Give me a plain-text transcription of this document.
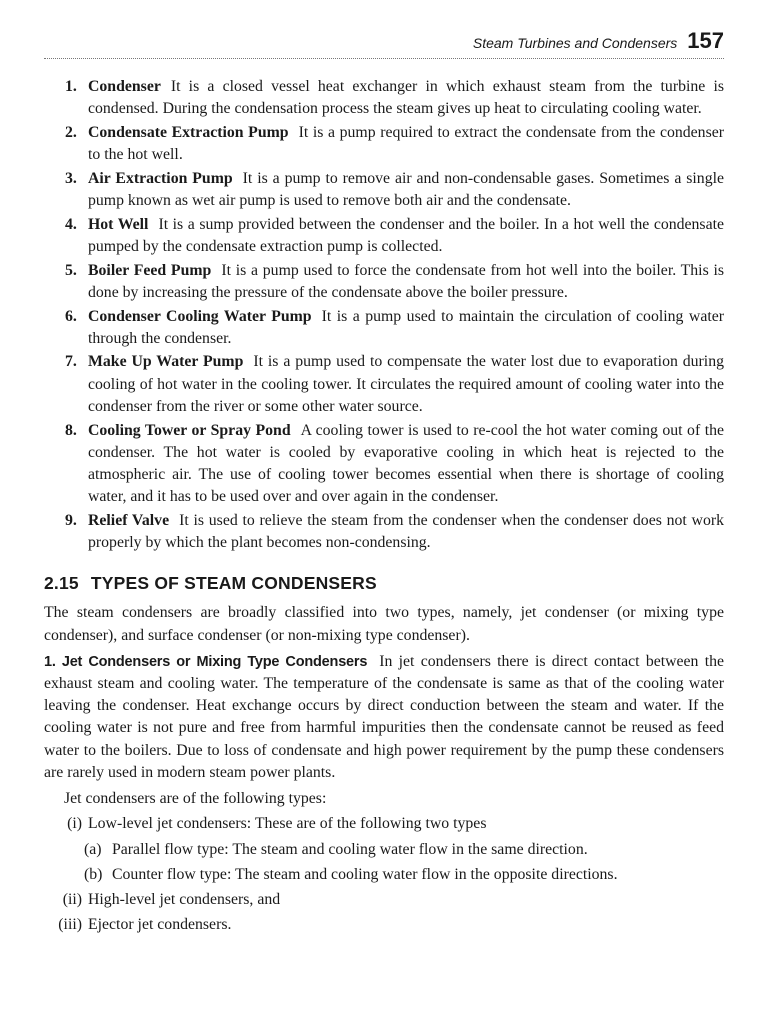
Steam Turbines and Condensers 157
1. Condenser It is a closed vessel heat exchanger in which exhaust steam from the turbine is condensed. During the condensation process the steam gives up heat to circulating cooling water.
2. Condensate Extraction Pump It is a pump required to extract the condensate from the condenser to the hot well.
3. Air Extraction Pump It is a pump to remove air and non-condensable gases. Sometimes a single pump known as wet air pump is used to remove both air and the condensate.
4. Hot Well It is a sump provided between the condenser and the boiler. In a hot well the condensate pumped by the condensate extraction pump is collected.
5. Boiler Feed Pump It is a pump used to force the condensate from hot well into the boiler. This is done by increasing the pressure of the condensate above the boiler pressure.
6. Condenser Cooling Water Pump It is a pump used to maintain the circulation of cooling water through the condenser.
7. Make Up Water Pump It is a pump used to compensate the water lost due to evaporation during cooling of hot water in the cooling tower. It circulates the required amount of cooling water into the condenser from the river or some other water source.
8. Cooling Tower or Spray Pond A cooling tower is used to re-cool the hot water coming out of the condenser. The hot water is cooled by evaporative cooling in which heat is rejected to the atmospheric air. The use of cooling tower becomes essential when there is shortage of cooling water, and it has to be used over and over again in the condenser.
9. Relief Valve It is used to relieve the steam from the condenser when the condenser does not work properly by which the plant becomes non-condensing.
2.15 TYPES OF STEAM CONDENSERS

The steam condensers are broadly classified into two types, namely, jet condenser (or mixing type condenser), and surface condenser (or non-mixing type condenser).

1. Jet Condensers or Mixing Type Condensers In jet condensers there is direct contact between the exhaust steam and cooling water. The temperature of the condensate is same as that of the cooling water leaving the condenser. Heat exchange occurs by direct conduction between the steam and water. If the cooling water is not pure and free from harmful impurities then the condensate cannot be reused as feed water to the boilers. Due to loss of condensate and high power requirement by the pump these condensers are rarely used in modern steam power plants.

Jet condensers are of the following types:

(i) Low-level jet condensers: These are of the following two types
(a) Parallel flow type: The steam and cooling water flow in the same direction.
(b) Counter flow type: The steam and cooling water flow in the opposite directions.
(ii) High-level jet condensers, and
(iii) Ejector jet condensers.
